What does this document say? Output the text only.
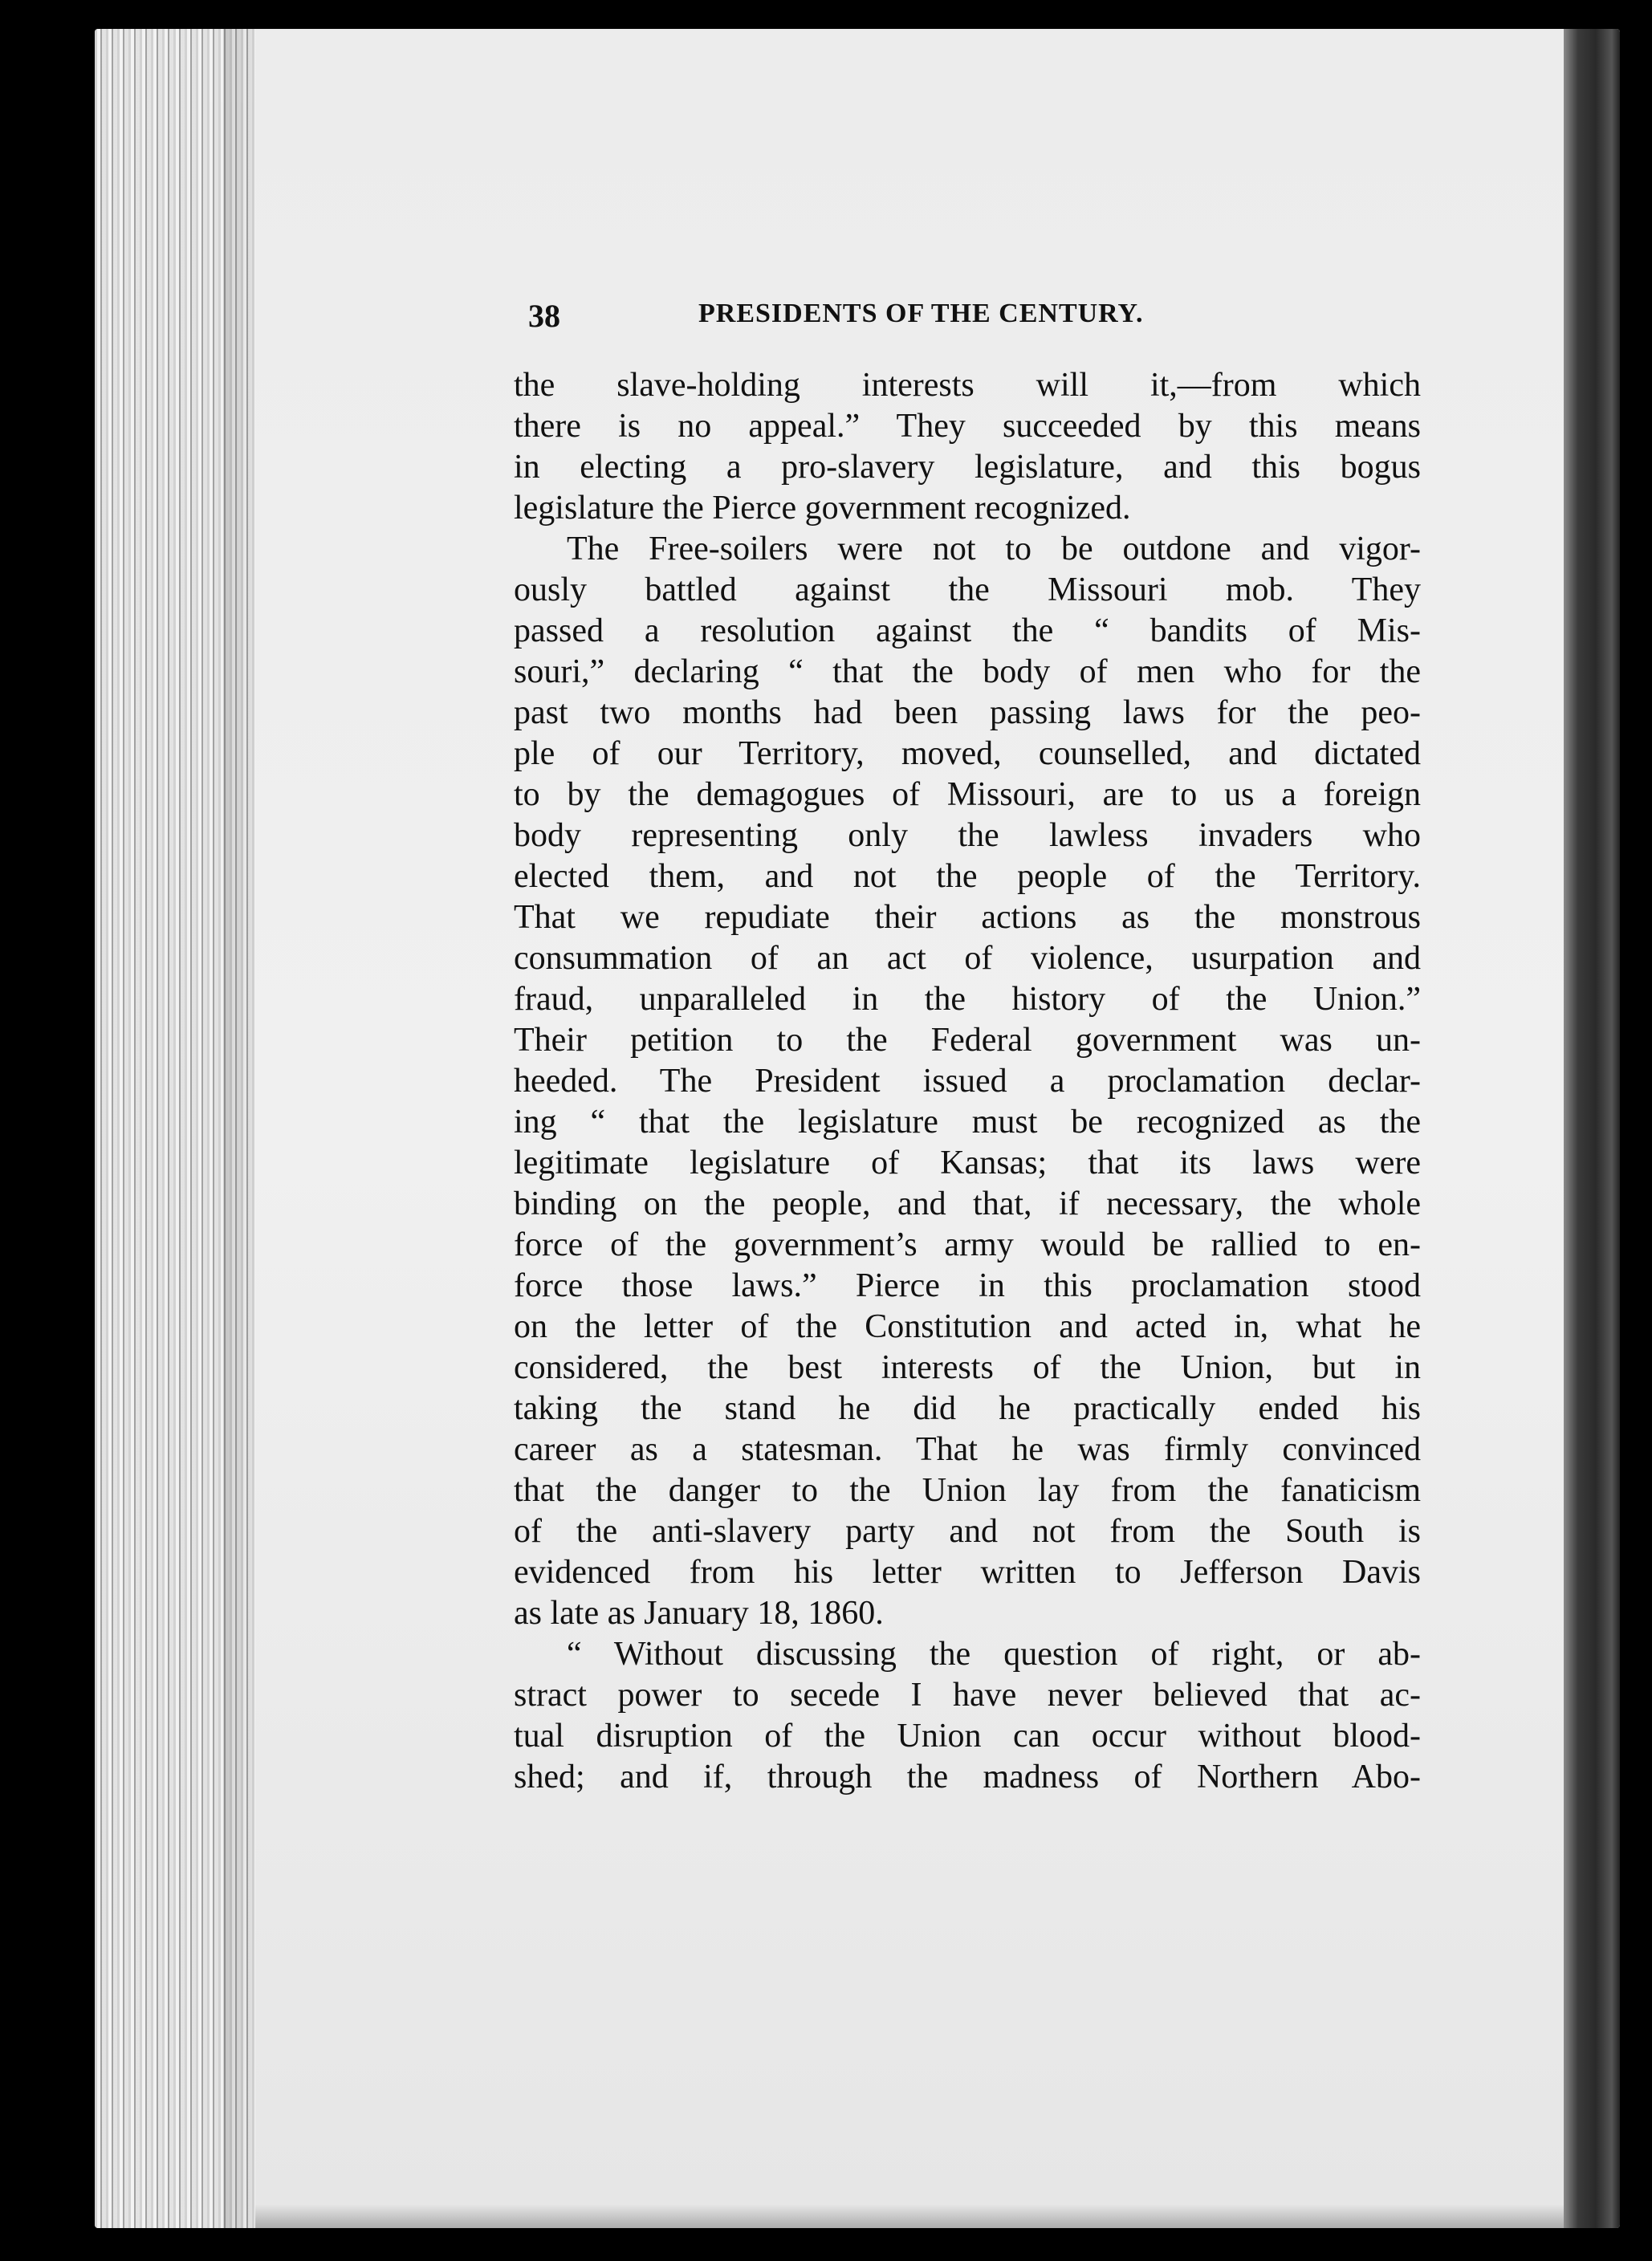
38	PRESIDENTS OF THE CENTURY.
the slave-holding interests will it,—from which
there is no appeal.” They succeeded by this means
in electing a pro-slavery legislature, and this bogus
legislature the Pierce government recognized.
The Free-soilers were not to be outdone and vigor-
ously battled against the Missouri mob. They
passed a resolution against the “ bandits of Mis-
souri,” declaring “ that the body of men who for the
past two months had been passing laws for the peo-
ple of our Territory, moved, counselled, and dictated
to by the demagogues of Missouri, are to us a foreign
body representing only the lawless invaders who
elected them, and not the people of the Territory.
That we repudiate their actions as the monstrous
consummation of an act of violence, usurpation and
fraud, unparalleled in the history of the Union.”
Their petition to the Federal government was un-
heeded. The President issued a proclamation declar-
ing “ that the legislature must be recognized as the
legitimate legislature of Kansas; that its laws were
binding on the people, and that, if necessary, the whole
force of the government’s army would be rallied to en-
force those laws.” Pierce in this proclamation stood
on the letter of the Constitution and acted in, what he
considered, the best interests of the Union, but in
taking the stand he did he practically ended his
career as a statesman. That he was firmly convinced
that the danger to the Union lay from the fanaticism
of the anti-slavery party and not from the South is
evidenced from his letter written to Jefferson Davis
as late as January 18, 1860.
“ Without discussing the question of right, or ab-
stract power to secede I have never believed that ac-
tual disruption of the Union can occur without blood-
shed; and if, through the madness of Northern Abo-
